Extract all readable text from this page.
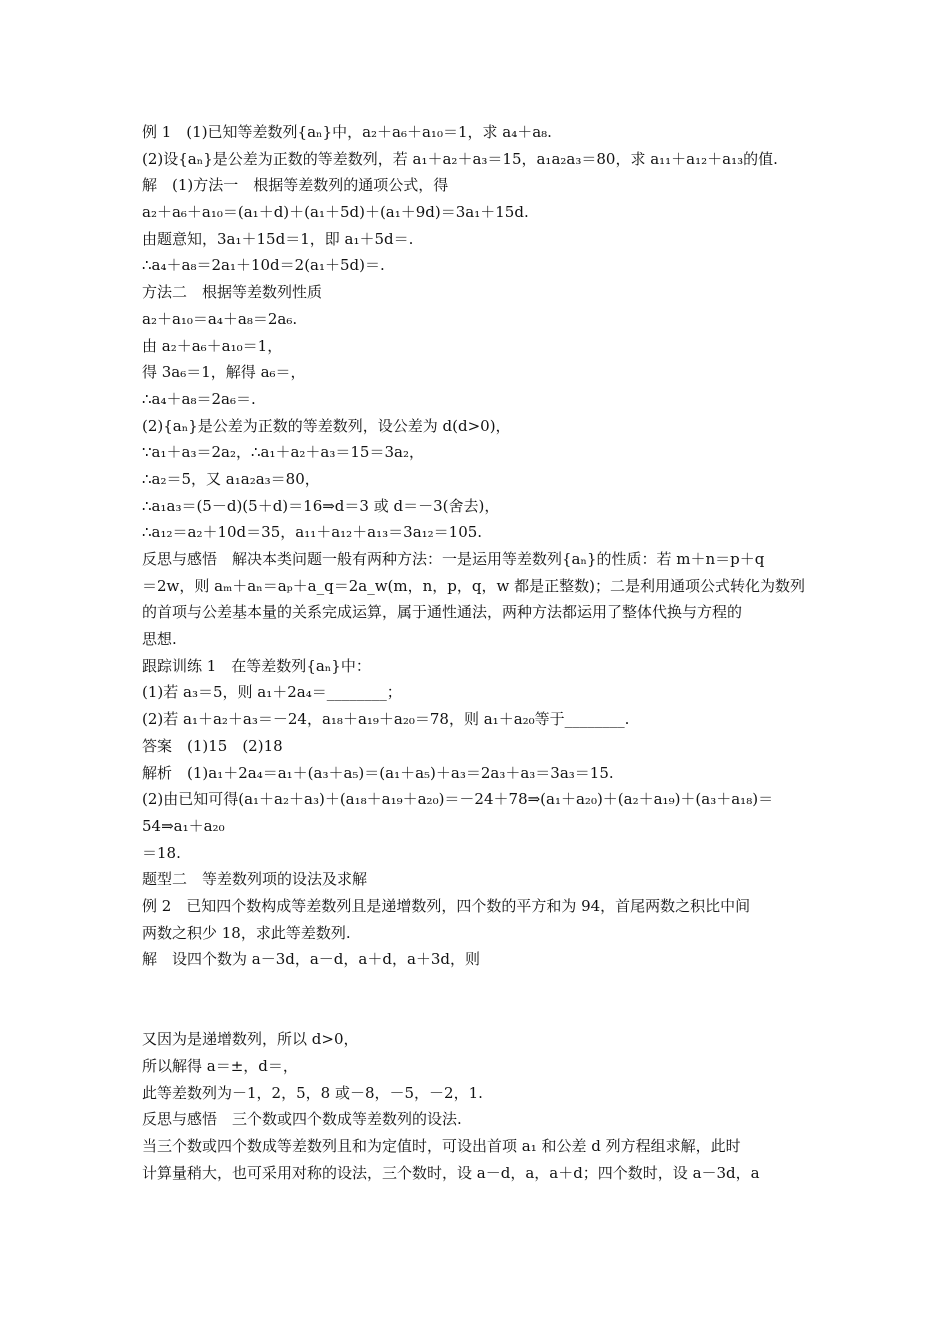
例 1　(1)已知等差数列{aₙ}中，a₂＋a₆＋a₁₀＝1，求 a₄＋a₈.
(2)设{aₙ}是公差为正数的等差数列，若 a₁＋a₂＋a₃＝15，a₁a₂a₃＝80，求 a₁₁＋a₁₂＋a₁₃的值.
解　(1)方法一　根据等差数列的通项公式，得
a₂＋a₆＋a₁₀＝(a₁＋d)＋(a₁＋5d)＋(a₁＋9d)＝3a₁＋15d.
由题意知，3a₁＋15d＝1，即 a₁＋5d＝.
∴a₄＋a₈＝2a₁＋10d＝2(a₁＋5d)＝.
方法二　根据等差数列性质
a₂＋a₁₀＝a₄＋a₈＝2a₆.
由 a₂＋a₆＋a₁₀＝1，
得 3a₆＝1，解得 a₆＝，
∴a₄＋a₈＝2a₆＝.
(2){aₙ}是公差为正数的等差数列，设公差为 d(d>0)，
∵a₁＋a₃＝2a₂，∴a₁＋a₂＋a₃＝15＝3a₂，
∴a₂＝5，又 a₁a₂a₃＝80，
∴a₁a₃＝(5－d)(5＋d)＝16⇒d＝3 或 d＝－3(舍去)，
∴a₁₂＝a₂＋10d＝35，a₁₁＋a₁₂＋a₁₃＝3a₁₂＝105.
反思与感悟　解决本类问题一般有两种方法：一是运用等差数列{aₙ}的性质：若 m＋n＝p＋q
＝2w，则 aₘ＋aₙ＝aₚ＋a_q＝2a_w(m，n，p，q，w 都是正整数)；二是利用通项公式转化为数列
的首项与公差基本量的关系完成运算，属于通性通法，两种方法都运用了整体代换与方程的
思想.
跟踪训练 1　在等差数列{aₙ}中：
(1)若 a₃＝5，则 a₁＋2a₄＝________；
(2)若 a₁＋a₂＋a₃＝－24，a₁₈＋a₁₉＋a₂₀＝78，则 a₁＋a₂₀等于________.
答案　(1)15　(2)18
解析　(1)a₁＋2a₄＝a₁＋(a₃＋a₅)＝(a₁＋a₅)＋a₃＝2a₃＋a₃＝3a₃＝15.
(2)由已知可得(a₁＋a₂＋a₃)＋(a₁₈＋a₁₉＋a₂₀)＝－24＋78⇒(a₁＋a₂₀)＋(a₂＋a₁₉)＋(a₃＋a₁₈)＝
54⇒a₁＋a₂₀
＝18.
题型二　等差数列项的设法及求解
例 2　已知四个数构成等差数列且是递增数列，四个数的平方和为 94，首尾两数之积比中间
两数之积少 18，求此等差数列.
解　设四个数为 a－3d，a－d，a＋d，a＋3d，则
又因为是递增数列，所以 d>0，
所以解得 a＝±，d＝，
此等差数列为－1，2，5，8 或－8，－5，－2，1.
反思与感悟　三个数或四个数成等差数列的设法.
当三个数或四个数成等差数列且和为定值时，可设出首项 a₁ 和公差 d 列方程组求解，此时
计算量稍大，也可采用对称的设法，三个数时，设 a－d，a，a＋d；四个数时，设 a－3d，a
